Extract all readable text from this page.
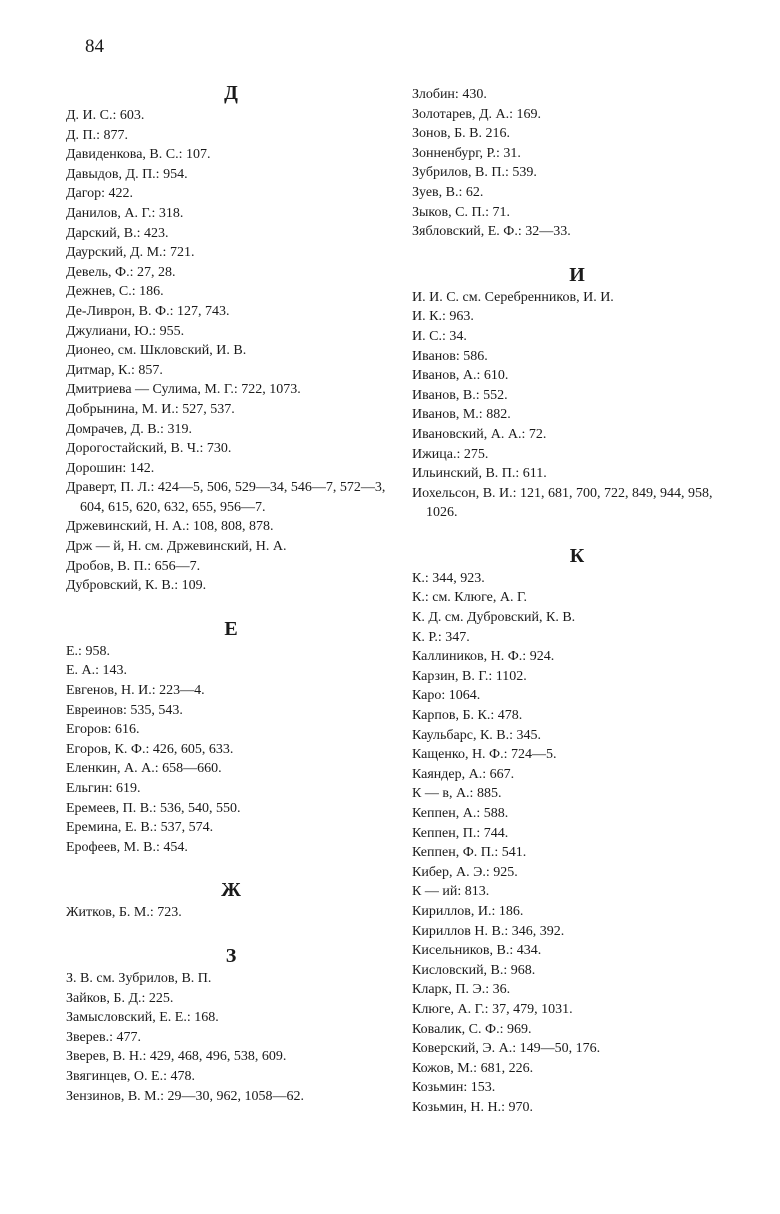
84
Д
Д. И. С.: 603.
Д. П.: 877.
Давиденкова, В. С.: 107.
Давыдов, Д. П.: 954.
Дагор: 422.
Данилов, А. Г.: 318.
Дарский, В.: 423.
Даурский, Д. М.: 721.
Девель, Ф.: 27, 28.
Дежнев, С.: 186.
Де-Ливрон, В. Ф.: 127, 743.
Джулиани, Ю.: 955.
Дионео, см. Шкловский, И. В.
Дитмар, К.: 857.
Дмитриева — Сулима, М. Г.: 722, 1073.
Добрынина, М. И.: 527, 537.
Домрачев, Д. В.: 319.
Дорогостайский, В. Ч.: 730.
Дорошин: 142.
Драверт, П. Л.: 424—5, 506, 529—34, 546—7, 572—3, 604, 615, 620, 632, 655, 956—7.
Држевинский, Н. А.: 108, 808, 878.
Држ — й, Н. см. Држевинский, Н. А.
Дробов, В. П.: 656—7.
Дубровский, К. В.: 109.
Е
Е.: 958.
Е. А.: 143.
Евгенов, Н. И.: 223—4.
Евреинов: 535, 543.
Егоров: 616.
Егоров, К. Ф.: 426, 605, 633.
Еленкин, А. А.: 658—660.
Ельгин: 619.
Еремеев, П. В.: 536, 540, 550.
Еремина, Е. В.: 537, 574.
Ерофеев, М. В.: 454.
Ж
Житков, Б. М.: 723.
З
З. В. см. Зубрилов, В. П.
Зайков, Б. Д.: 225.
Замысловский, Е. Е.: 168.
Зверев.: 477.
Зверев, В. Н.: 429, 468, 496, 538, 609.
Звягинцев, О. Е.: 478.
Зензинов, В. М.: 29—30, 962, 1058—62.
Злобин: 430.
Золотарев, Д. А.: 169.
Зонов, Б. В. 216.
Зонненбург, Р.: 31.
Зубрилов, В. П.: 539.
Зуев, В.: 62.
Зыков, С. П.: 71.
Зябловский, Е. Ф.: 32—33.
И
И. И. С. см. Серебренников, И. И.
И. К.: 963.
И. С.: 34.
Иванов: 586.
Иванов, А.: 610.
Иванов, В.: 552.
Иванов, М.: 882.
Ивановский, А. А.: 72.
Ижица.: 275.
Ильинский, В. П.: 611.
Иохельсон, В. И.: 121, 681, 700, 722, 849, 944, 958, 1026.
К
К.: 344, 923.
К.: см. Клюге, А. Г.
К. Д. см. Дубровский, К. В.
К. Р.: 347.
Каллиников, Н. Ф.: 924.
Карзин, В. Г.: 1102.
Каро: 1064.
Карпов, Б. К.: 478.
Каульбарс, К. В.: 345.
Кащенко, Н. Ф.: 724—5.
Каяндер, А.: 667.
К — в, А.: 885.
Кеппен, А.: 588.
Кеппен, П.: 744.
Кеппен, Ф. П.: 541.
Кибер, А. Э.: 925.
К — ий: 813.
Кириллов, И.: 186.
Кириллов Н. В.: 346, 392.
Кисельников, В.: 434.
Кисловский, В.: 968.
Кларк, П. Э.: 36.
Клюге, А. Г.: 37, 479, 1031.
Ковалик, С. Ф.: 969.
Коверский, Э. А.: 149—50, 176.
Кожов, М.: 681, 226.
Козьмин: 153.
Козьмин, Н. Н.: 970.
